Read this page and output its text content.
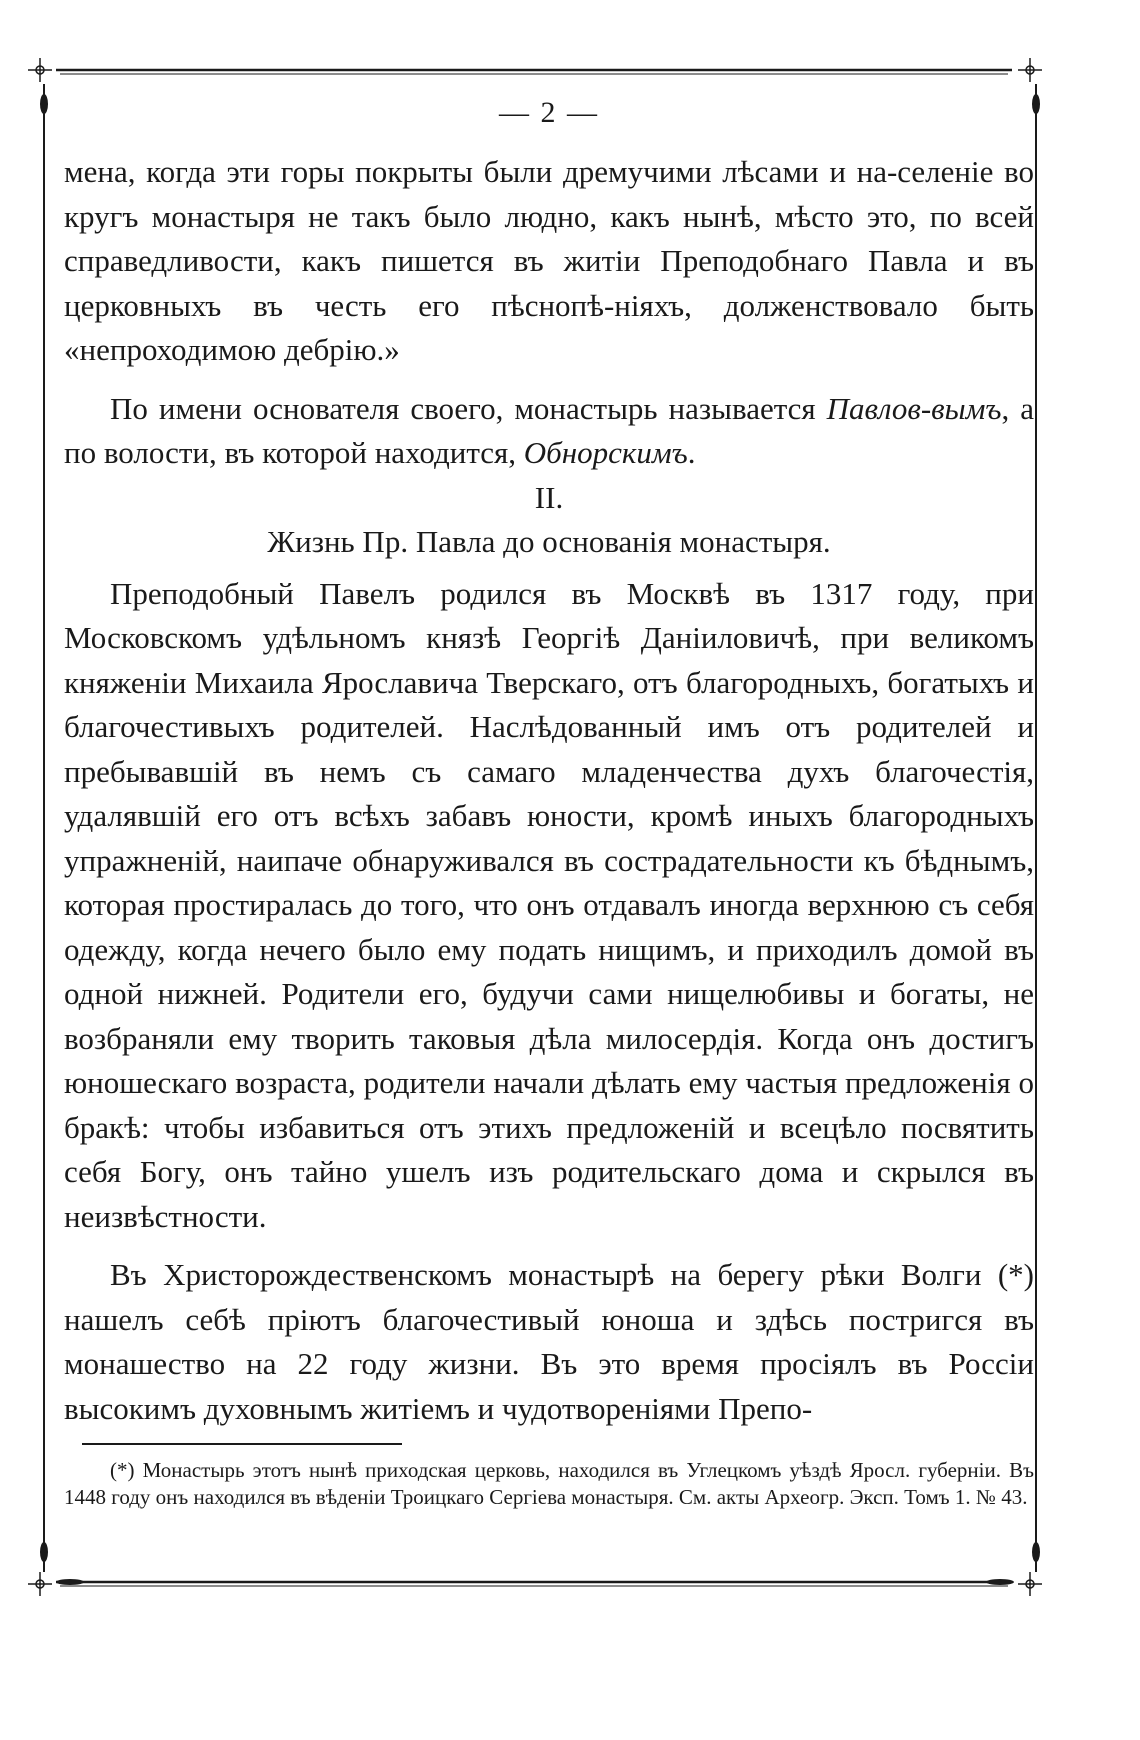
— 2 —

мена, когда эти горы покрыты были дремучими лѣсами и на-селеніе во кругъ монастыря не такъ было людно, какъ нынѣ, мѣсто это, по всей справедливости, какъ пишется въ житіи Преподобнаго Павла и въ церковныхъ въ честь его пѣснопѣ-ніяхъ, долженствовало быть «непроходимою дебрію.»

По имени основателя своего, монастырь называется Павлов-вымъ, а по волости, въ которой находится, Обнорскимъ.

II.
Жизнь Пр. Павла до основанія монастыря.

Преподобный Павелъ родился въ Москвѣ въ 1317 году, при Московскомъ удѣльномъ князѣ Георгіѣ Даніиловичѣ, при великомъ княженіи Михаила Ярославича Тверскаго, отъ благородныхъ, богатыхъ и благочестивыхъ родителей. Наслѣдованный имъ отъ родителей и пребывавшій въ немъ съ самаго младенчества духъ благочестія, удалявшій его отъ всѣхъ забавъ юности, кромѣ иныхъ благородныхъ упражненій, наипаче обнаруживался въ сострадательности къ бѣднымъ, которая простиралась до того, что онъ отдавалъ иногда верхнюю съ себя одежду, когда нечего было ему подать нищимъ, и приходилъ домой въ одной нижней. Родители его, будучи сами нищелюбивы и богаты, не возбраняли ему творить таковыя дѣла милосердія. Когда онъ достигъ юношескаго возраста, родители начали дѣлать ему частыя предложенія о бракѣ: чтобы избавиться отъ этихъ предложеній и всецѣло посвятить себя Богу, онъ тайно ушелъ изъ родительскаго дома и скрылся въ неизвѣстности.

Въ Христорождественскомъ монастырѣ на берегу рѣки Волги (*) нашелъ себѣ пріютъ благочестивый юноша и здѣсь постригся въ монашество на 22 году жизни. Въ это время просіялъ въ Россіи высокимъ духовнымъ житіемъ и чудотвореніями Препо-

(*) Монастырь этотъ нынѣ приходская церковь, находился въ Углецкомъ уѣздѣ Яросл. губерніи. Въ 1448 году онъ находился въ вѣденіи Троицкаго Сергіева монастыря. См. акты Археогр. Эксп. Томъ 1. № 43.
